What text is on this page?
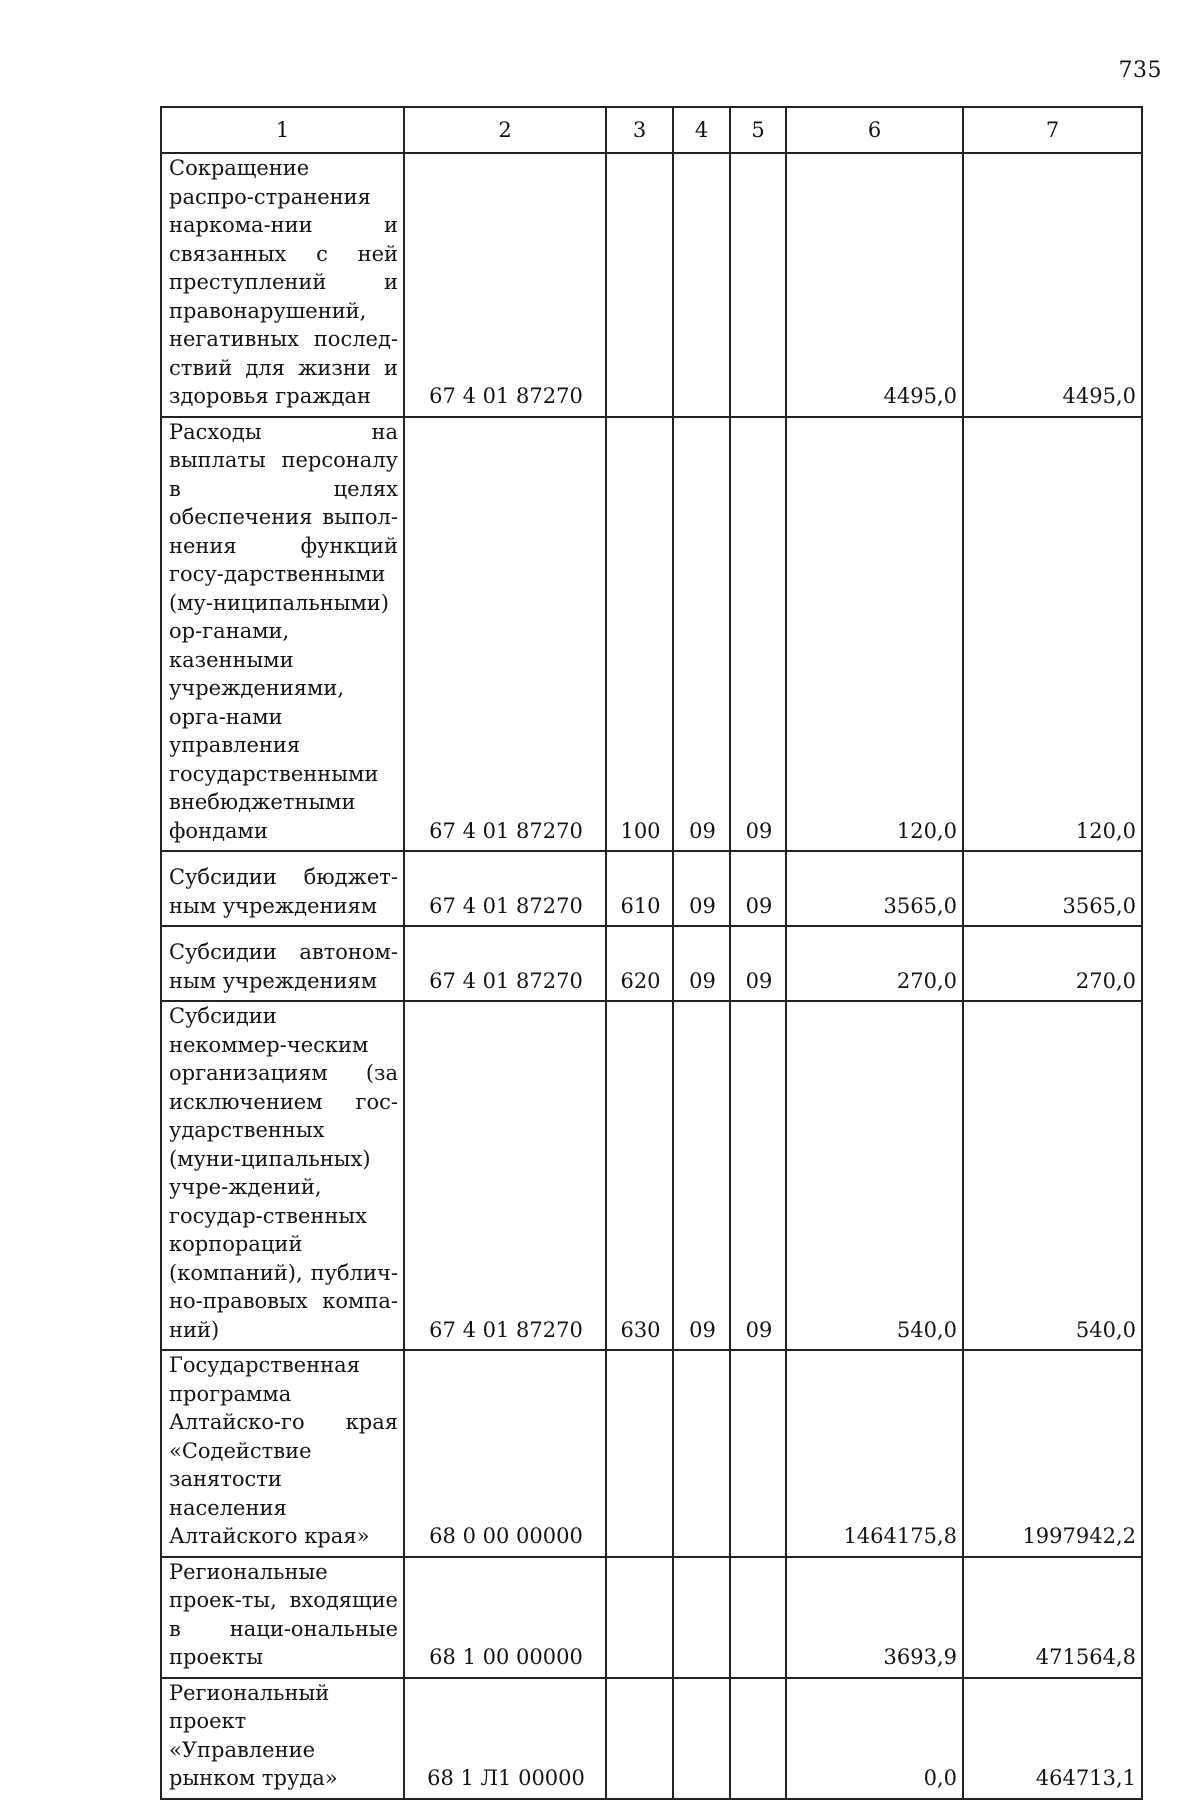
735
1	2	3	4	5	6	7
Сокращение распро-странения наркома-нии и связанных с ней преступлений и правонарушений, негативных послед-ствий для жизни и здоровья граждан	67 4 01 87270				4495,0	4495,0
Расходы на выплаты персоналу в целях обеспечения выпол-нения функций госу-дарственными (му-ниципальными) ор-ганами, казенными учреждениями, орга-нами управления государственными внебюджетными фондами	67 4 01 87270	100	09	09	120,0	120,0
Субсидии бюджет-ным учреждениям	67 4 01 87270	610	09	09	3565,0	3565,0
Субсидии автоном-ным учреждениям	67 4 01 87270	620	09	09	270,0	270,0
Субсидии некоммер-ческим организациям (за исключением гос-ударственных (муни-ципальных) учре-ждений, государ-ственных корпораций (компаний), публич-но-правовых компа-ний)	67 4 01 87270	630	09	09	540,0	540,0
Государственная программа Алтайско-го края «Содействие занятости населения Алтайского края»	68 0 00 00000				1464175,8	1997942,2
Региональные проек-ты, входящие в наци-ональные проекты	68 1 00 00000				3693,9	471564,8
Региональный проект «Управление рынком труда»	68 1 Л1 00000				0,0	464713,1
